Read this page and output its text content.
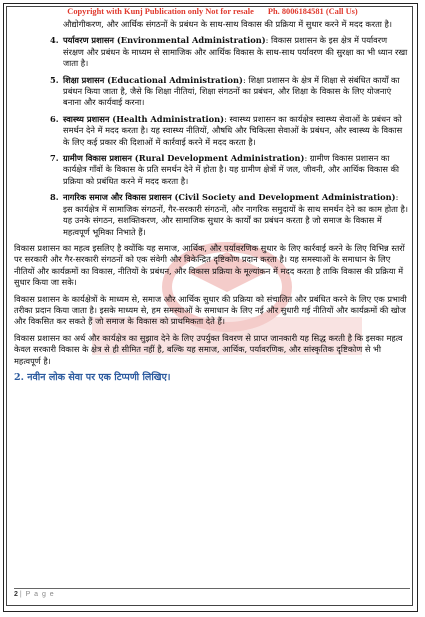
Copyright with Kunj Publication only Not for resale Ph. 8006184581 (Call Us)
औद्योगीकरण, और आर्थिक संगठनों के प्रबंधन के साथ-साथ विकास की प्रक्रिया में सुधार करने में मदद करता है।
4. पर्यावरण प्रशासन (Environmental Administration): विकास प्रशासन के इस क्षेत्र में पर्यावरण संरक्षण और प्रबंधन के माध्यम से सामाजिक और आर्थिक विकास के साथ-साथ पर्यावरण की सुरक्षा का भी ध्यान रखा जाता है।
5. शिक्षा प्रशासन (Educational Administration): शिक्षा प्रशासन के क्षेत्र में शिक्षा से संबंधित कार्यों का प्रबंधन किया जाता है, जैसे कि शिक्षा नीतियां, शिक्षा संगठनों का प्रबंधन, और शिक्षा के विकास के लिए योजनाएं बनाना और कार्यवाई करना।
6. स्वास्थ्य प्रशासन (Health Administration): स्वास्थ्य प्रशासन का कार्यक्षेत्र स्वास्थ्य सेवाओं के प्रबंधन को समर्थन देने में मदद करता है। यह स्वास्थ्य नीतियों, औषधि और चिकित्सा सेवाओं के प्रबंधन, और स्वास्थ्य के विकास के लिए कई प्रकार की दिशाओं में कार्रवाई करने में मदद करता है।
7. ग्रामीण विकास प्रशासन (Rural Development Administration): ग्रामीण विकास प्रशासन का कार्यक्षेत्र गाँवों के विकास के प्रति समर्थन देने में होता है। यह ग्रामीण क्षेत्रों में जल, जीवनी, और आर्थिक विकास की प्रक्रिया को प्रबंधित करने में मदद करता है।
8. नागरिक समाज और विकास प्रशासन (Civil Society and Development Administration): इस कार्यक्षेत्र में सामाजिक संगठनों, गैर-सरकारी संगठनों, और नागरिक समुदायों के साथ समर्थन देने का काम होता है। यह उनके संगठन, सशक्तिकरण, और सामाजिक सुधार के कार्यों का प्रबंधन करता है जो समाज के विकास में महत्वपूर्ण भूमिका निभाते हैं।

विकास प्रशासन का महत्व इसलिए है क्योंकि यह समाज, आर्थिक, और पर्यावरणिक सुधार के लिए कार्रवाई करने के लिए विभिन्न स्तरों पर सरकारी और गैर-सरकारी संगठनों को एक संवेगी और विकेन्द्रित दृष्टिकोण प्रदान करता है। यह समस्याओं के समाधान के लिए नीतियों और कार्यक्रमों का विकास, नीतियों के प्रबंधन, और विकास प्रक्रिया के मूल्यांकन में मदद करता है ताकि विकास की प्रक्रिया में सुधार किया जा सके।

विकास प्रशासन के कार्यक्षेत्रों के माध्यम से, समाज और आर्थिक सुधार की प्रक्रिया को संचालित और प्रबंधित करने के लिए एक प्रभावी तरीका प्रदान किया जाता है। इसके माध्यम से, हम समस्याओं के समाधान के लिए नई और सुधारी गई नीतियों और कार्यक्रमों की खोज और विकसित कर सकते हैं जो समाज के विकास को प्राथमिकता देते हैं।

विकास प्रशासन का अर्थ और कार्यक्षेत्र का सुझाव देने के लिए उपर्युक्त विवरण से प्राप्त जानकारी यह सिद्ध करती है कि इसका महत्व केवल सरकारी विकास के क्षेत्र से ही सीमित नहीं है, बल्कि यह समाज, आर्थिक, पर्यावरणिक, और सांस्कृतिक दृष्टिकोण से भी महत्वपूर्ण है।

2. नवीन लोक सेवा पर एक टिप्पणी लिखिए।
2 | P a g e
